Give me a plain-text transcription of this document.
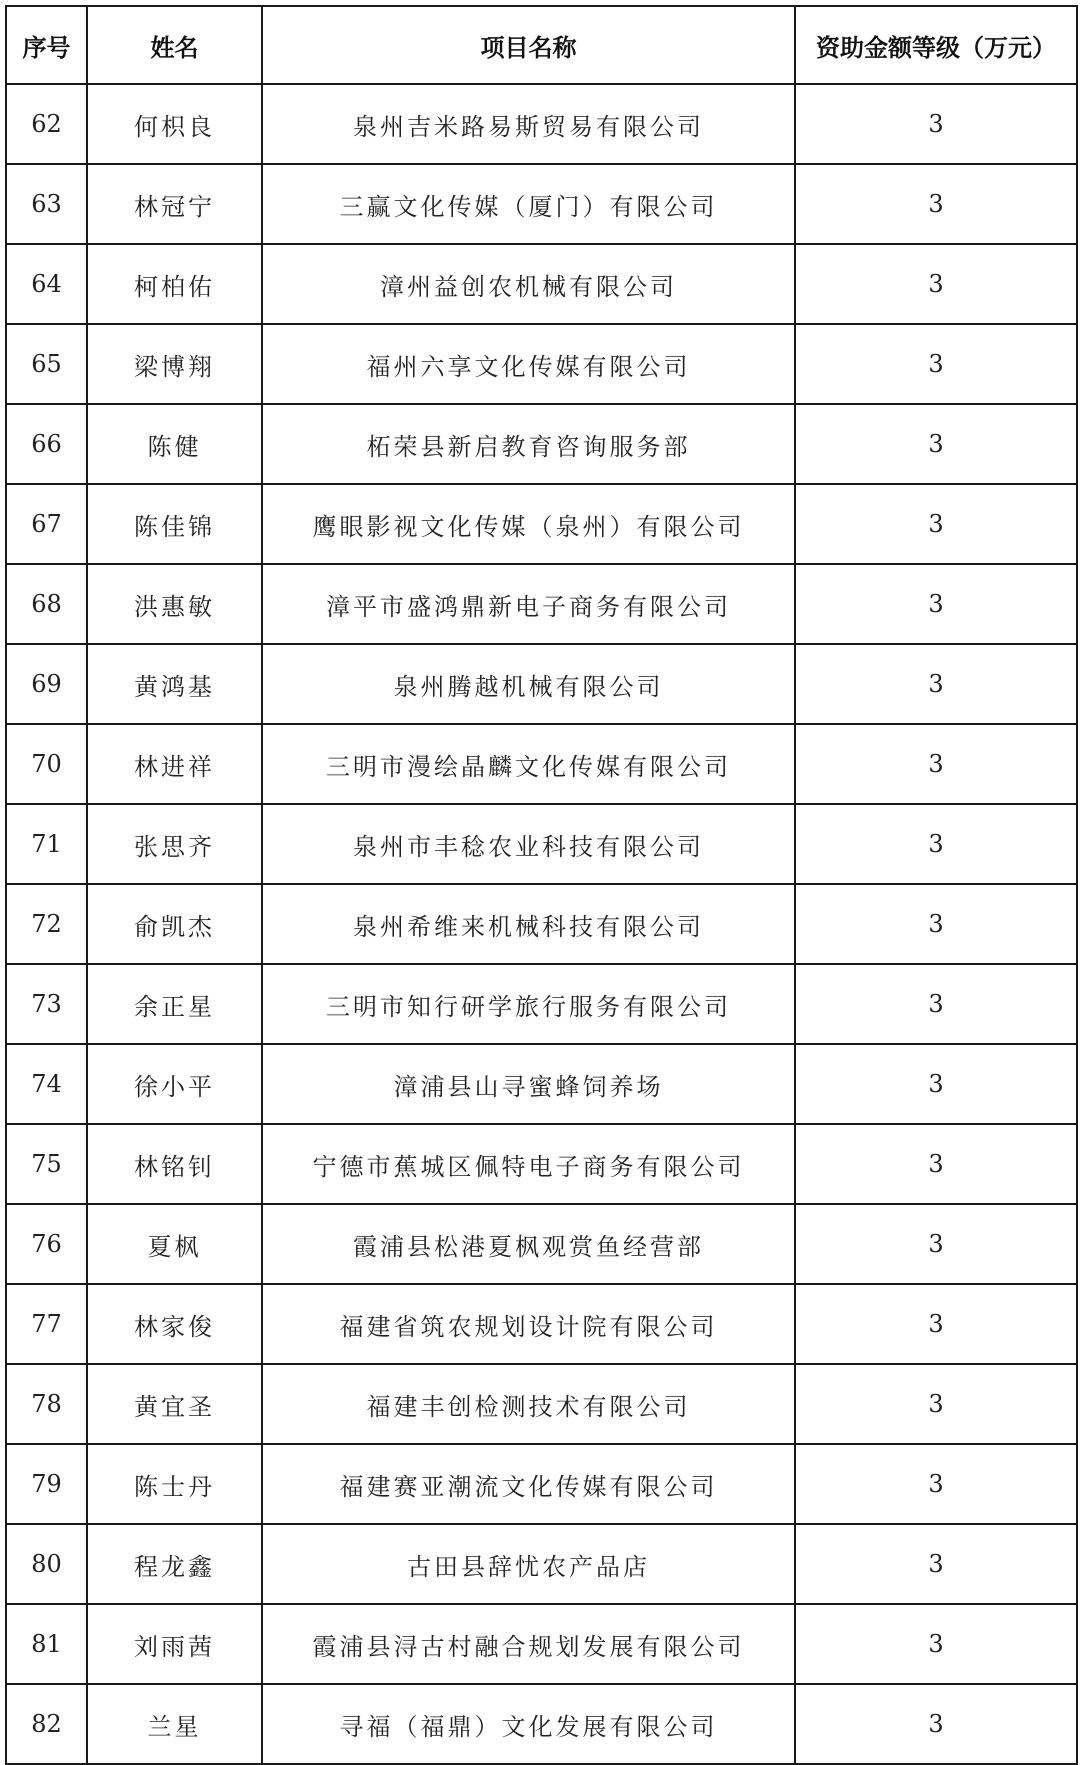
序号	姓名	项目名称	资助金额等级（万元）
62	何枳良	泉州吉米路易斯贸易有限公司	3
63	林冠宁	三赢文化传媒（厦门）有限公司	3
64	柯柏佑	漳州益创农机械有限公司	3
65	梁博翔	福州六享文化传媒有限公司	3
66	陈健	柘荣县新启教育咨询服务部	3
67	陈佳锦	鹰眼影视文化传媒（泉州）有限公司	3
68	洪惠敏	漳平市盛鸿鼎新电子商务有限公司	3
69	黄鸿基	泉州腾越机械有限公司	3
70	林进祥	三明市漫绘晶麟文化传媒有限公司	3
71	张思齐	泉州市丰稔农业科技有限公司	3
72	俞凯杰	泉州希维来机械科技有限公司	3
73	余正星	三明市知行研学旅行服务有限公司	3
74	徐小平	漳浦县山寻蜜蜂饲养场	3
75	林铭钊	宁德市蕉城区佩特电子商务有限公司	3
76	夏枫	霞浦县松港夏枫观赏鱼经营部	3
77	林家俊	福建省筑农规划设计院有限公司	3
78	黄宜圣	福建丰创检测技术有限公司	3
79	陈士丹	福建赛亚潮流文化传媒有限公司	3
80	程龙鑫	古田县辞忧农产品店	3
81	刘雨茜	霞浦县浔古村融合规划发展有限公司	3
82	兰星	寻福（福鼎）文化发展有限公司	3
